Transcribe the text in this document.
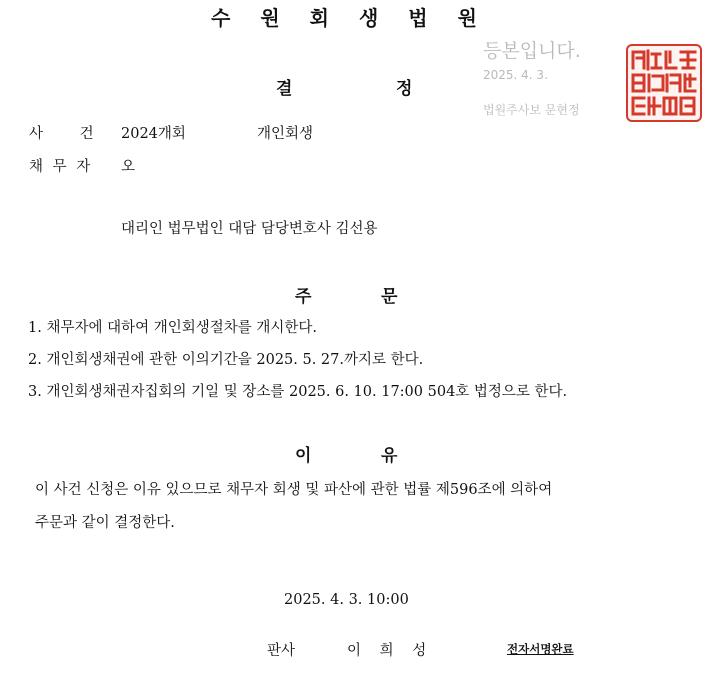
수원회생법원
등본입니다.
2025. 4. 3.
법원주사보 문현정
결	정
사 건 2024개회	개인회생
채 무 자 오
대리인 법무법인 대담 담당변호사 김선용
주	문
1. 채무자에 대하여 개인회생절차를 개시한다.
2. 개인회생채권에 관한 이의기간을 2025. 5. 27.까지로 한다.
3. 개인회생채권자집회의 기일 및 장소를 2025. 6. 10. 17:00 504호 법정으로 한다.
이	유
이 사건 신청은 이유 있으므로 채무자 회생 및 파산에 관한 법률 제596조에 의하여
주문과 같이 결정한다.
2025. 4. 3. 10:00
판사	이 희 성	전자서명완료
